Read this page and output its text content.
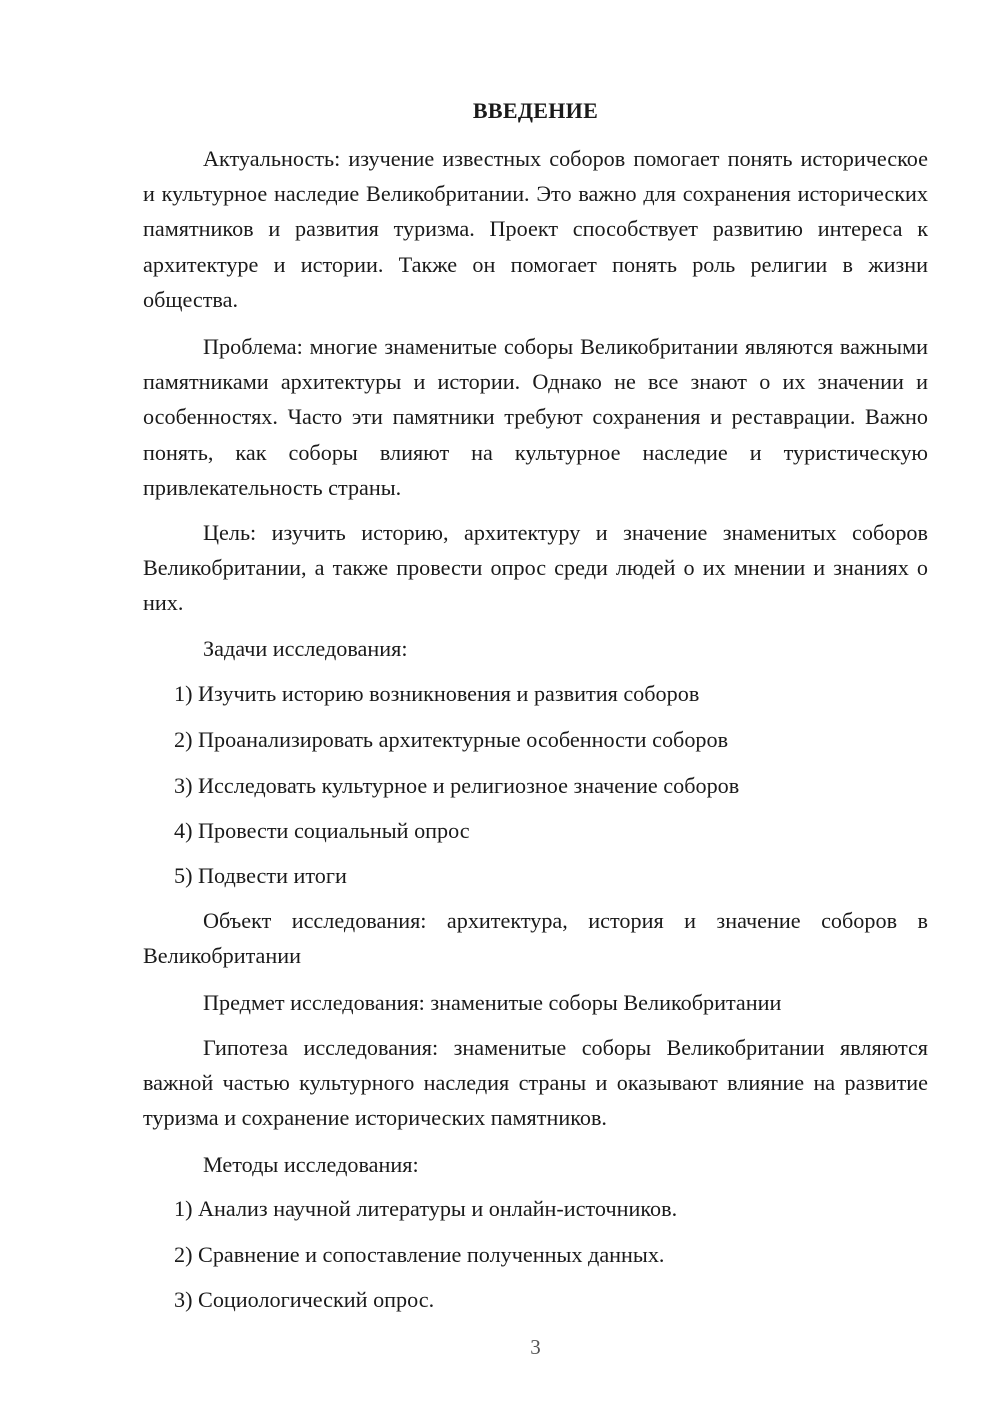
ВВЕДЕНИЕ

Актуальность: изучение известных соборов помогает понять историческое и культурное наследие Великобритании. Это важно для сохранения исторических памятников и развития туризма. Проект способствует развитию интереса к архитектуре и истории. Также он помогает понять роль религии в жизни общества.

Проблема: многие знаменитые соборы Великобритании являются важными памятниками архитектуры и истории. Однако не все знают о их значении и особенностях. Часто эти памятники требуют сохранения и реставрации. Важно понять, как соборы влияют на культурное наследие и туристическую привлекательность страны.

Цель: изучить историю, архитектуру и значение знаменитых соборов Великобритании, а также провести опрос среди людей о их мнении и знаниях о них.

Задачи исследования:

1) Изучить историю возникновения и развития соборов

2) Проанализировать архитектурные особенности соборов

3) Исследовать культурное и религиозное значение соборов

4) Провести социальный опрос

5) Подвести итоги

Объект исследования: архитектура, история и значение соборов в Великобритании

Предмет исследования: знаменитые соборы Великобритании

Гипотеза исследования: знаменитые соборы Великобритании являются важной частью культурного наследия страны и оказывают влияние на развитие туризма и сохранение исторических памятников.

Методы исследования:

1) Анализ научной литературы и онлайн-источников.

2) Сравнение и сопоставление полученных данных.

3) Социологический опрос.

3
